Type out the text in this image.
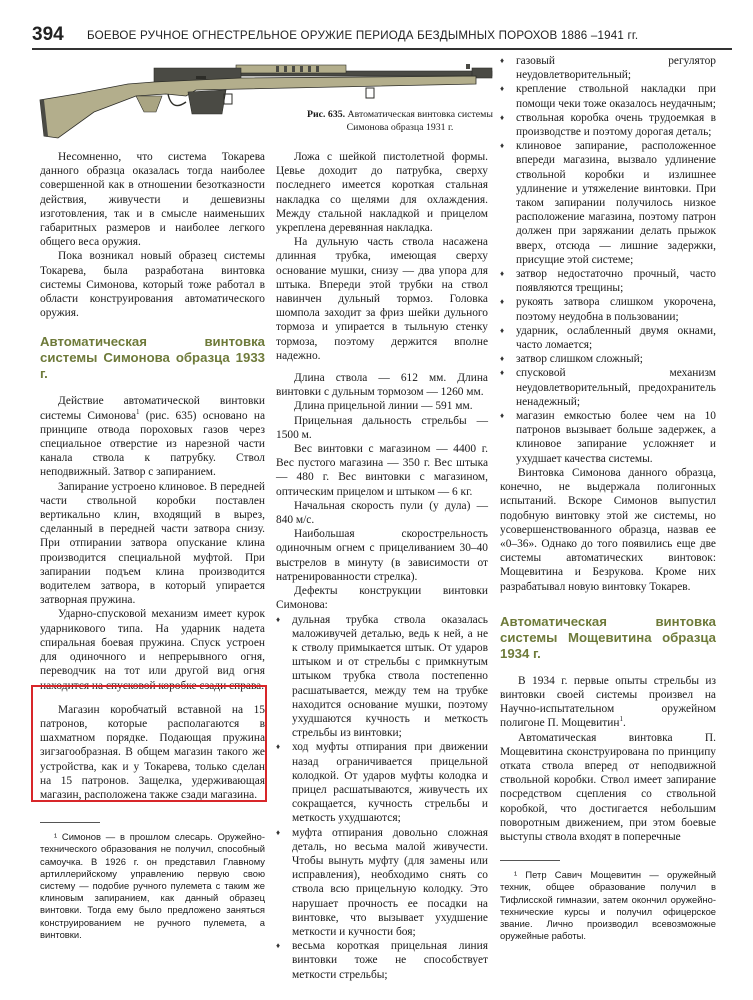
394 БОЕВОЕ РУЧНОЕ ОГНЕСТРЕЛЬНОЕ ОРУЖИЕ ПЕРИОДА БЕЗДЫМНЫХ ПОРОХОВ 1886 –1941 гг.
Рис. 635. Автоматическая винтовка системы Симонова образца 1931 г.

Несомненно, что система Токарева данного образца оказалась тогда наиболее совершенной как в отношении безотказности действия, живучести и дешевизны изготовления, так и в смысле наименьших габаритных размеров и наиболее легкого общего веса оружия.

Пока возникал новый образец системы Токарева, была разработана винтовка системы Симонова, который тоже работал в области конструирования автоматического оружия.

Автоматическая винтовка системы Симонова образца 1933 г.

Действие автоматической винтовки системы Симонова$^1$ (рис. 635) основано на принципе отвода пороховых газов через специальное отверстие из нарезной части канала ствола к патрубку. Ствол неподвижный. Затвор с запиранием.

Запирание устроено клиновое. В передней части ствольной коробки поставлен вертикально клин, входящий в вырез, сделанный в передней части затвора снизу. При отпирании затвора опускание клина производится специальной муфтой. При запирании подъем клина производится водителем затвора, в который упирается затворная пружина.

Ударно-спусковой механизм имеет курок ударникового типа. На ударник надета спиральная боевая пружина. Спуск устроен для одиночного и непрерывного огня, переводчик на тот или другой вид огня находится на спусковой коробке сзади справа.

Магазин коробчатый вставной на 15 патронов, которые располагаются в шахматном порядке. Подающая пружина зигзагообразная. В общем магазин такого же устройства, как и у Токарева, только сделан на 15 патронов. Защелка, удерживающая магазин, расположена также сзади магазина.

¹ Симонов — в прошлом слесарь. Оружейно-технического образования не получил, способный самоучка. В 1926 г. он представил Главному артиллерийскому управлению первую свою систему — подобие ручного пулемета с таким же клиновым запиранием, как данный образец винтовки. Тогда ему было предложено заняться конструированием не ручного пулемета, а винтовки.

Ложа с шейкой пистолетной формы. Цевье доходит до патрубка, сверху последнего имеется короткая стальная накладка со щелями для охлаждения. Между стальной накладкой и прицелом укреплена деревянная накладка.

На дульную часть ствола насажена длинная трубка, имеющая сверху основание мушки, снизу — два упора для штыка. Впереди этой трубки на ствол навинчен дульный тормоз. Головка шомпола заходит за фриз шейки дульного тормоза и упирается в тыльную стенку тормоза, поэтому держится вполне надежно.

Длина ствола — 612 мм. Длина винтовки с дульным тормозом — 1260 мм.

Длина прицельной линии — 591 мм.

Прицельная дальность стрельбы — 1500 м.

Вес винтовки с магазином — 4400 г. Вес пустого магазина — 350 г. Вес штыка — 480 г. Вес винтовки с магазином, оптическим прицелом и штыком — 6 кг.

Начальная скорость пули (у дула) — 840 м/с.

Наибольшая скорострельность одиночным огнем с прицеливанием 30–40 выстрелов в минуту (в зависимости от натренированности стрелка).

Дефекты конструкции винтовки Симонова:

♦ дульная трубка ствола оказалась маложивучей деталью, ведь к ней, а не к стволу примыкается штык. От ударов штыком и от стрельбы с примкнутым штыком трубка ствола постепенно расшатывается, между тем на трубке находится основание мушки, поэтому ухудшаются кучность и меткость стрельбы из винтовки;
♦ ход муфты отпирания при движении назад ограничивается прицельной колодкой. От ударов муфты колодка и прицел расшатываются, живучесть их сокращается, кучность стрельбы и меткость ухудшаются;
♦ муфта отпирания довольно сложная деталь, но весьма малой живучести. Чтобы вынуть муфту (для замены или исправления), необходимо снять со ствола всю прицельную колодку. Это нарушает прочность ее посадки на винтовке, что вызывает ухудшение меткости и кучности боя;
♦ весьма короткая прицельная линия винтовки тоже не способствует меткости стрельбы;
♦ газовый регулятор неудовлетворительный;
♦ крепление ствольной накладки при помощи чеки тоже оказалось неудачным;
♦ ствольная коробка очень трудоемкая в производстве и поэтому дорогая деталь;
♦ клиновое запирание, расположенное впереди магазина, вызвало удлинение ствольной коробки и излишнее удлинение и утяжеление винтовки. При таком запирании получилось низкое расположение магазина, поэтому патрон должен при заряжании делать прыжок вверх, отсюда — лишние задержки, присущие этой системе;
♦ затвор недостаточно прочный, часто появляются трещины;
♦ рукоять затвора слишком укорочена, поэтому неудобна в пользовании;
♦ ударник, ослабленный двумя окнами, часто ломается;
♦ затвор слишком сложный;
♦ спусковой механизм неудовлетворительный, предохранитель ненадежный;
♦ магазин емкостью более чем на 10 патронов вызывает больше задержек, а клиновое запирание усложняет и ухудшает качества системы.

Винтовка Симонова данного образца, конечно, не выдержала полигонных испытаний. Вскоре Симонов выпустил подобную винтовку этой же системы, но усовершенствованного образца, назвав ее «0–36». Однако до того появились еще две системы автоматических винтовок: Мощевитина и Безрукова. Кроме них разрабатывал новую винтовку Токарев.

Автоматическая винтовка системы Мощевитина образца 1934 г.

В 1934 г. первые опыты стрельбы из винтовки своей системы произвел на Научно-испытательном оружейном полигоне П. Мощевитин$^1$.

Автоматическая винтовка П. Мощевитина сконструирована по принципу отката ствола вперед от неподвижной ствольной коробки. Ствол имеет запирание посредством сцепления со ствольной коробкой, что достигается небольшим поворотным движением, при этом боевые выступы ствола входят в поперечные

¹ Петр Савич Мощевитин — оружейный техник, общее образование получил в Тифлисской гимназии, затем окончил оружейно-технические курсы и получил офицерское звание. Лично производил всевозможные оружейные работы.
